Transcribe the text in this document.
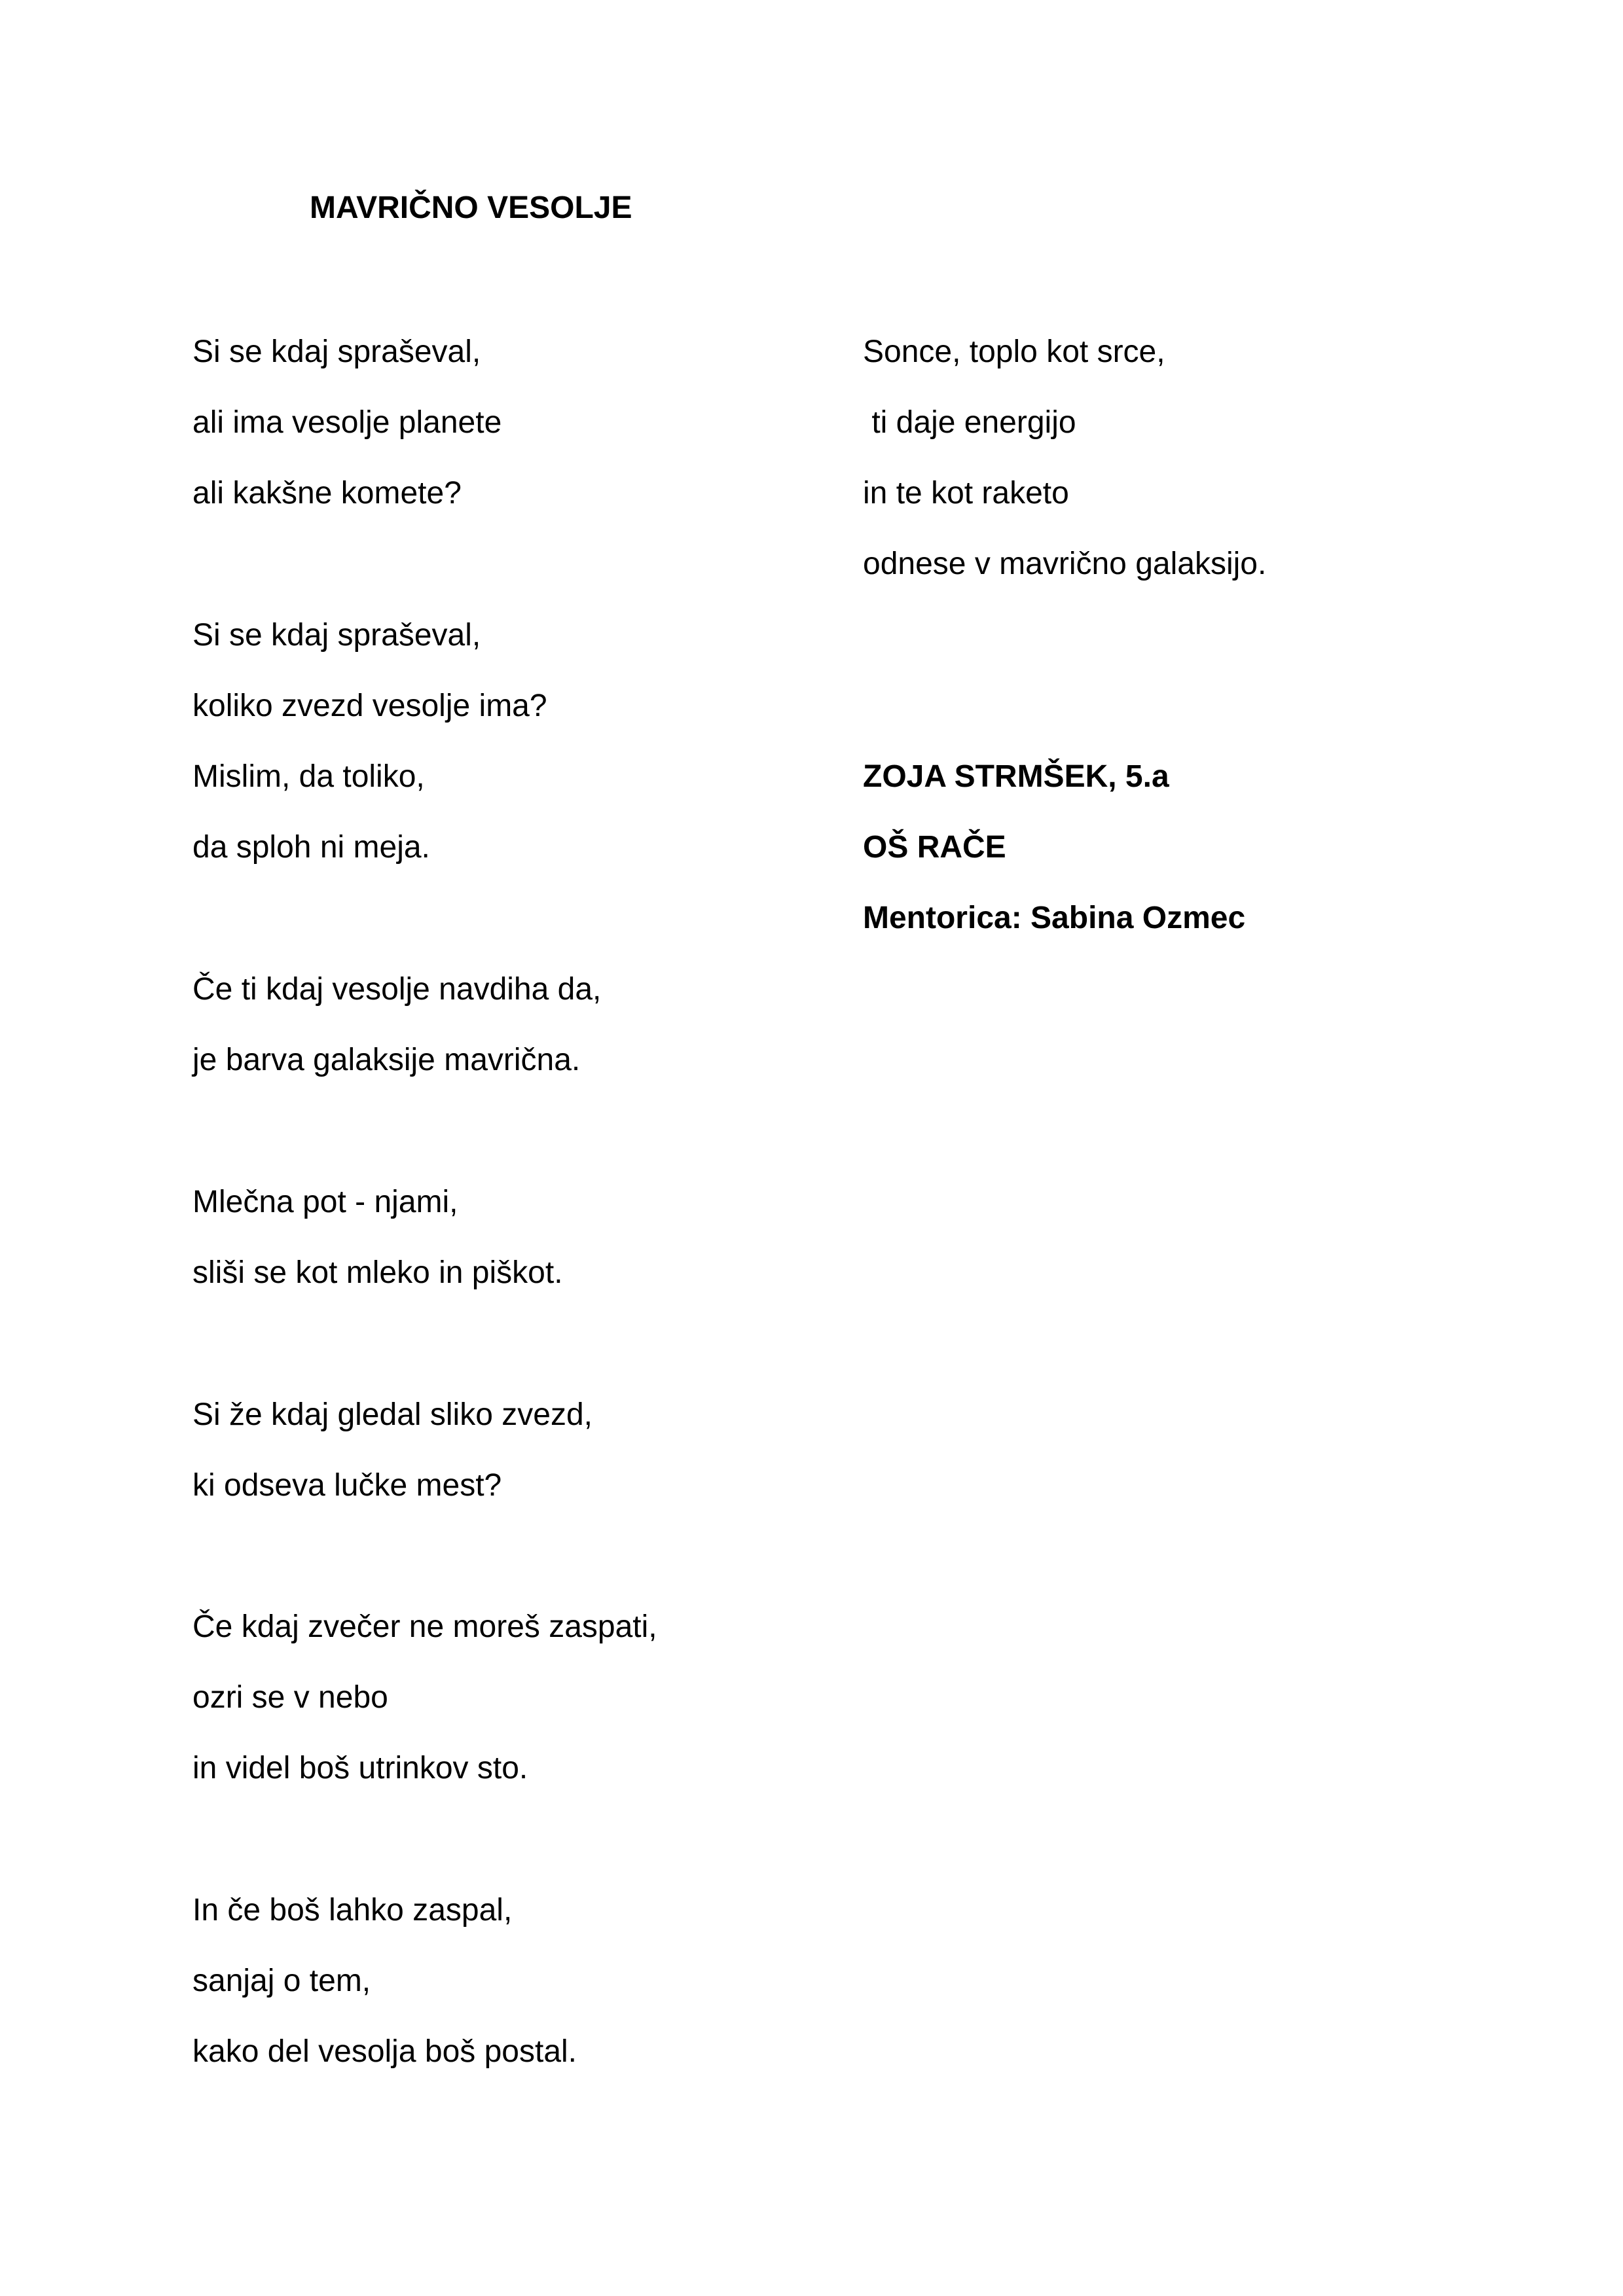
MAVRIČNO VESOLJE
Si se kdaj spraševal,
ali ima vesolje planete
ali kakšne komete?
Si se kdaj spraševal,
koliko zvezd vesolje ima?
Mislim, da toliko,
da sploh ni meja.
Če ti kdaj vesolje navdiha da,
je barva galaksije mavrična.
Mlečna pot - njami,
sliši se kot mleko in piškot.
Si že kdaj gledal sliko zvezd,
ki odseva lučke mest?
Če kdaj zvečer ne moreš zaspati,
ozri se v nebo
in videl boš utrinkov sto.
In če boš lahko zaspal,
sanjaj o tem,
kako del vesolja boš postal.
Sonce, toplo kot srce,
ti daje energijo
in te kot raketo
odnese v mavrično galaksijo.
ZOJA STRMŠEK, 5.a
OŠ RAČE
Mentorica: Sabina Ozmec
